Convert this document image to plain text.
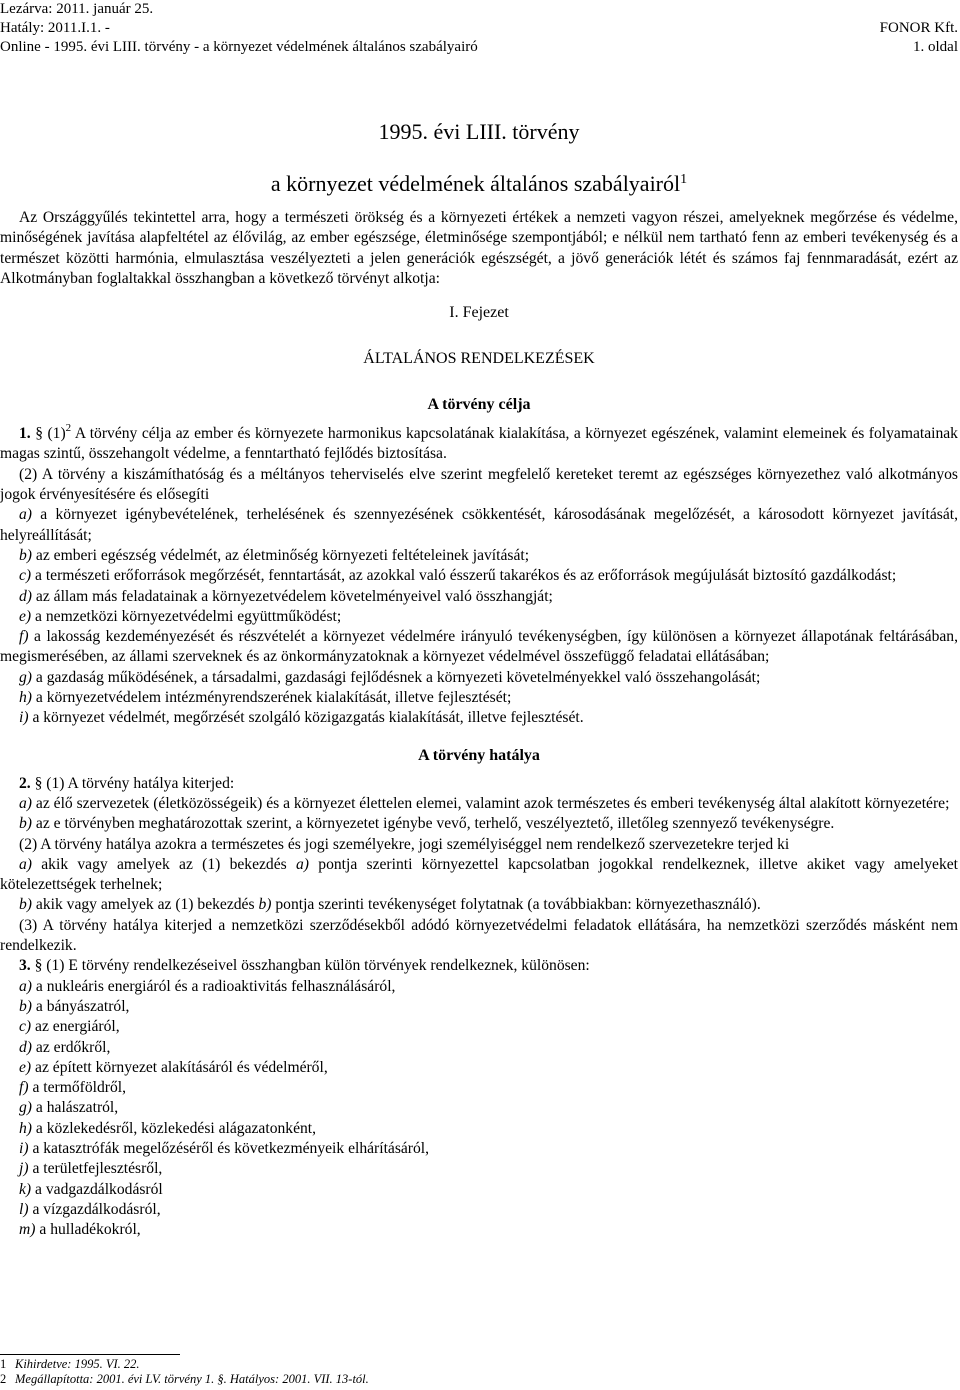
Lezárva: 2011. január 25.
Hatály: 2011.I.1. -
Online - 1995. évi LIII. törvény - a környezet védelmének általános szabályairó
FONOR Kft.
1. oldal
1995. évi LIII. törvény
a környezet védelmének általános szabályairól$^1$

Az Országgyűlés tekintettel arra, hogy a természeti örökség és a környezeti értékek a nemzeti vagyon részei, amelyeknek megőrzése és védelme, minőségének javítása alapfeltétel az élővilág, az ember egészsége, életminősége szempontjából; e nélkül nem tartható fenn az emberi tevékenység és a természet közötti harmónia, elmulasztása veszélyezteti a jelen generációk egészségét, a jövő generációk létét és számos faj fennmaradását, ezért az Alkotmányban foglaltakkal összhangban a következő törvényt alkotja:

I. Fejezet

ÁLTALÁNOS RENDELKEZÉSEK

A törvény célja

1. § (1)$^2$ A törvény célja az ember és környezete harmonikus kapcsolatának kialakítása, a környezet egészének, valamint elemeinek és folyamatainak magas szintű, összehangolt védelme, a fenntartható fejlődés biztosítása.

(2) A törvény a kiszámíthatóság és a méltányos teherviselés elve szerint megfelelő kereteket teremt az egészséges környezethez való alkotmányos jogok érvényesítésére és elősegíti

a) a környezet igénybevételének, terhelésének és szennyezésének csökkentését, károsodásának megelőzését, a károsodott környezet javítását, helyreállítását;

b) az emberi egészség védelmét, az életminőség környezeti feltételeinek javítását;

c) a természeti erőforrások megőrzését, fenntartását, az azokkal való ésszerű takarékos és az erőforrások megújulását biztosító gazdálkodást;

d) az állam más feladatainak a környezetvédelem követelményeivel való összhangját;

e) a nemzetközi környezetvédelmi együttműködést;

f) a lakosság kezdeményezését és részvételét a környezet védelmére irányuló tevékenységben, így különösen a környezet állapotának feltárásában, megismerésében, az állami szerveknek és az önkormányzatoknak a környezet védelmével összefüggő feladatai ellátásában;

g) a gazdaság működésének, a társadalmi, gazdasági fejlődésnek a környezeti követelményekkel való összehangolását;

h) a környezetvédelem intézményrendszerének kialakítását, illetve fejlesztését;

i) a környezet védelmét, megőrzését szolgáló közigazgatás kialakítását, illetve fejlesztését.

A törvény hatálya

2. § (1) A törvény hatálya kiterjed:

a) az élő szervezetek (életközösségeik) és a környezet élettelen elemei, valamint azok természetes és emberi tevékenység által alakított környezetére;

b) az e törvényben meghatározottak szerint, a környezetet igénybe vevő, terhelő, veszélyeztető, illetőleg szennyező tevékenységre.

(2) A törvény hatálya azokra a természetes és jogi személyekre, jogi személyiséggel nem rendelkező szervezetekre terjed ki

a) akik vagy amelyek az (1) bekezdés a) pontja szerinti környezettel kapcsolatban jogokkal rendelkeznek, illetve akiket vagy amelyeket kötelezettségek terhelnek;

b) akik vagy amelyek az (1) bekezdés b) pontja szerinti tevékenységet folytatnak (a továbbiakban: környezethasználó).

(3) A törvény hatálya kiterjed a nemzetközi szerződésekből adódó környezetvédelmi feladatok ellátására, ha nemzetközi szerződés másként nem rendelkezik.

3. § (1) E törvény rendelkezéseivel összhangban külön törvények rendelkeznek, különösen:

a) a nukleáris energiáról és a radioaktivitás felhasználásáról,

b) a bányászatról,

c) az energiáról,

d) az erdőkről,

e) az épített környezet alakításáról és védelméről,

f) a termőföldről,

g) a halászatról,

h) a közlekedésről, közlekedési alágazatonként,

i) a katasztrófák megelőzéséről és következményeik elhárításáról,

j) a területfejlesztésről,

k) a vadgazdálkodásról

l) a vízgazdálkodásról,

m) a hulladékokról,

1 Kihirdetve: 1995. VI. 22.
2 Megállapította: 2001. évi LV. törvény 1. §. Hatályos: 2001. VII. 13-tól.
